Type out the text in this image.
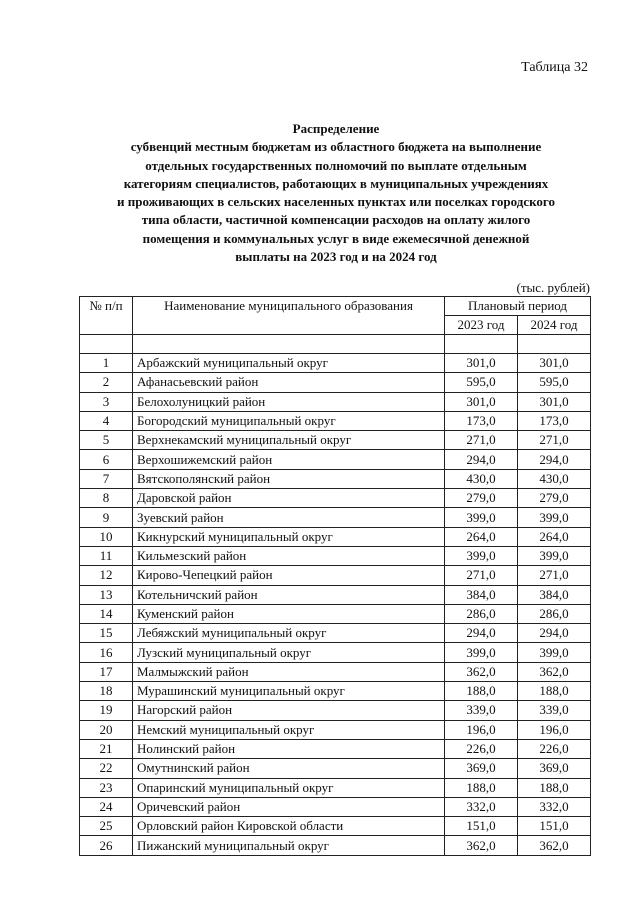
Таблица 32
Распределение
субвенций местным бюджетам из областного бюджета на выполнение
отдельных государственных полномочий по выплате отдельным
категориям специалистов, работающих в муниципальных учреждениях
и проживающих в сельских населенных пунктах или поселках городского
типа области, частичной компенсации расходов на оплату жилого
помещения и коммунальных услуг в виде ежемесячной денежной
выплаты на 2023 год и на 2024 год
(тыс. рублей)
№ п/п	Наименование муниципального образования	Плановый период	
		2023 год	2024 год

1	Арбажский муниципальный округ	301,0	301,0
2	Афанасьевский район	595,0	595,0
3	Белохолуницкий район	301,0	301,0
4	Богородский муниципальный округ	173,0	173,0
5	Верхнекамский муниципальный округ	271,0	271,0
6	Верхошижемский район	294,0	294,0
7	Вятскополянский район	430,0	430,0
8	Даровской район	279,0	279,0
9	Зуевский район	399,0	399,0
10	Кикнурский муниципальный округ	264,0	264,0
11	Кильмезский район	399,0	399,0
12	Кирово-Чепецкий район	271,0	271,0
13	Котельничский район	384,0	384,0
14	Куменский район	286,0	286,0
15	Лебяжский муниципальный округ	294,0	294,0
16	Лузский муниципальный округ	399,0	399,0
17	Малмыжский район	362,0	362,0
18	Мурашинский муниципальный округ	188,0	188,0
19	Нагорский район	339,0	339,0
20	Немский муниципальный округ	196,0	196,0
21	Нолинский район	226,0	226,0
22	Омутнинский район	369,0	369,0
23	Опаринский муниципальный округ	188,0	188,0
24	Оричевский район	332,0	332,0
25	Орловский район Кировской области	151,0	151,0
26	Пижанский муниципальный округ	362,0	362,0
